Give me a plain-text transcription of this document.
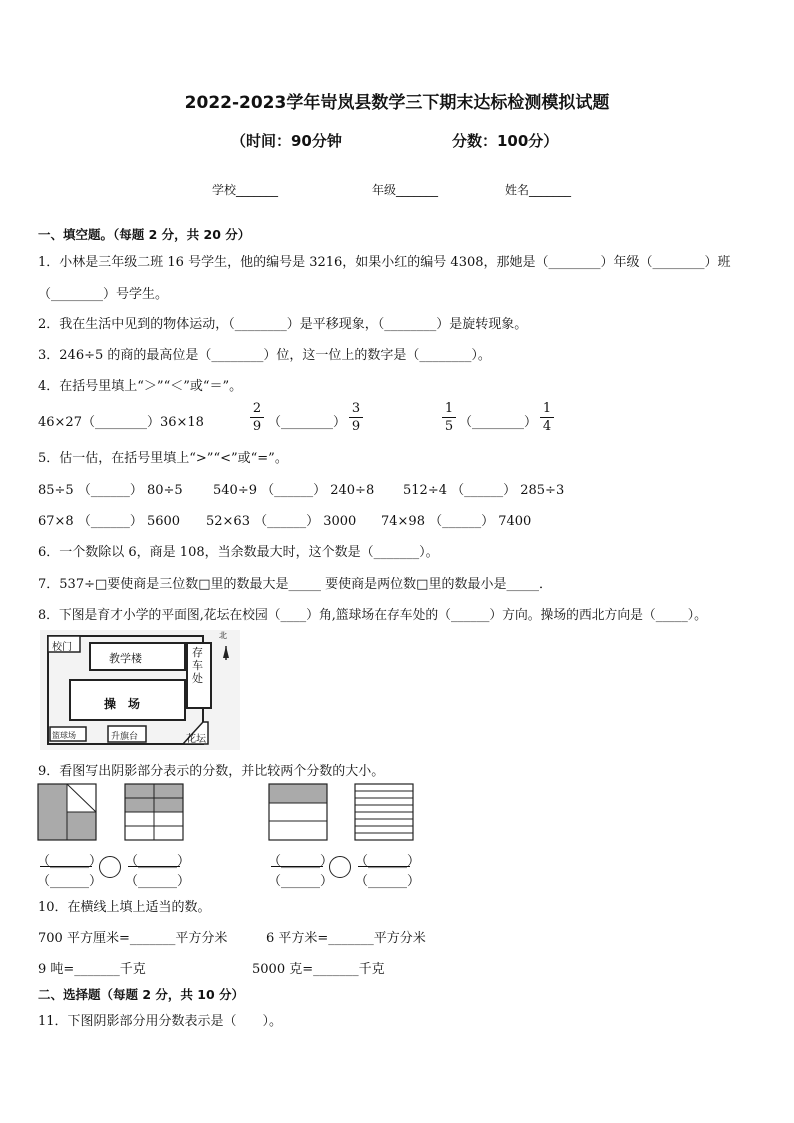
2022-2023学年岢岚县数学三下期末达标检测模拟试题
（时间：90分钟	分数：100分）
学校_______	年级_______	姓名_______
一、填空题。（每题 2 分，共 20 分）
1．小林是三年级二班 16 号学生，他的编号是 3216，如果小红的编号 4308，那她是（________）年级（________）班
（________）号学生。
2．我在生活中见到的物体运动，（________）是平移现象，（________）是旋转现象。
3．246÷5 的商的最高位是（________）位，这一位上的数字是（________）。
4．在括号里填上“＞”“＜”或“＝”。
46×27（________）36×18
2
9 （________）
3
9
1
5 （________）
1
4
5．估一估，在括号里填上“>”“<”或“=”。
85÷5 （______） 80÷5 540÷9 （______） 240÷8 512÷4 （______） 285÷3
67×8 （______） 5600 52×63 （______） 3000 74×98 （______） 7400
6．一个数除以 6，商是 108，当余数最大时，这个数是（_______）。
7．537÷□要使商是三位数□里的数最大是_____ 要使商是两位数□里的数最小是_____．
8．下图是育才小学的平面图,花坛在校园（____）角,篮球场在存车处的（______）方向。操场的西北方向是（_____）。
校门
教学楼	存
车
处
操　场
篮球场	升旗台	花坛
北
9．看图写出阴影部分表示的分数，并比较两个分数的大小。
（______）
（______）
（______）
（______）
（______）
（______）
（______）
（______）
10．在横线上填上适当的数。
700 平方厘米=_______平方分米	6 平方米=_______平方分米
9 吨=_______千克	5000 克=_______千克
二、选择题（每题 2 分，共 10 分）
11．下图阴影部分用分数表示是（　　）。
